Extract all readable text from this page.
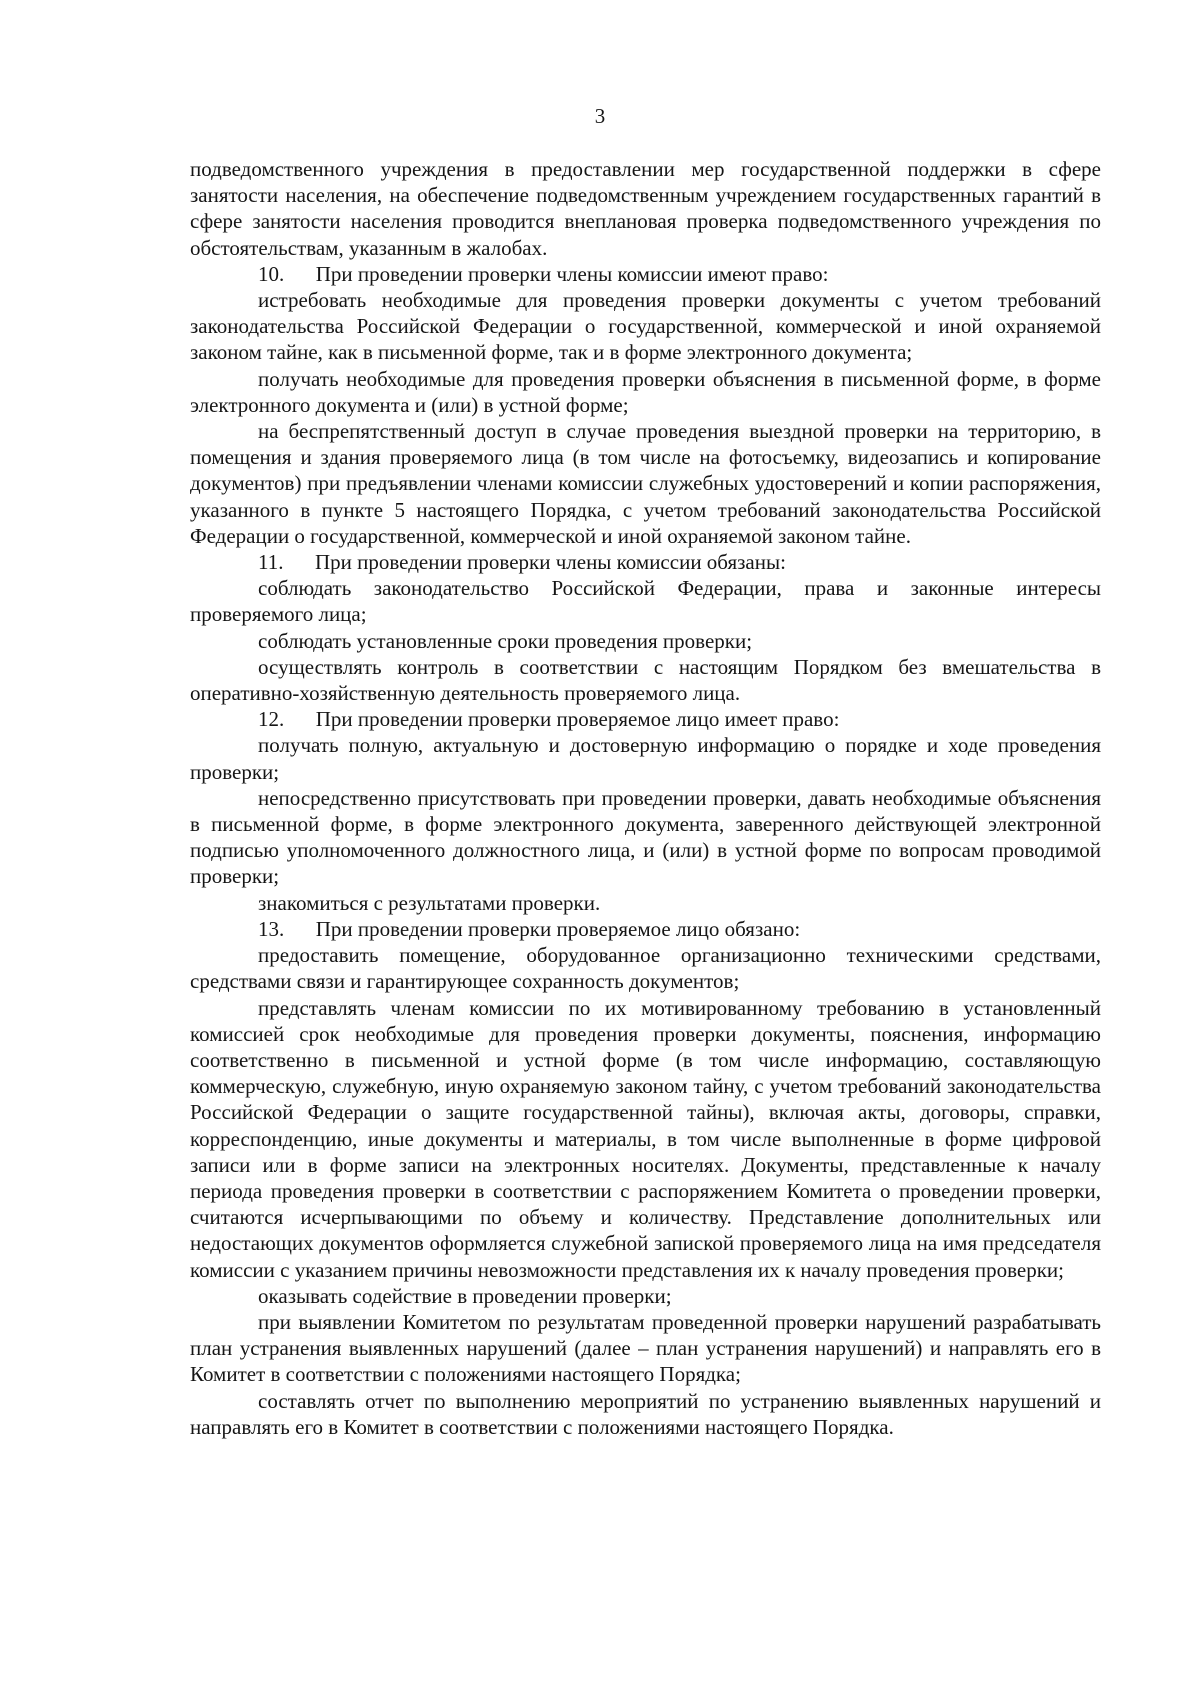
3

подведомственного учреждения в предоставлении мер государственной поддержки в сфере занятости населения, на обеспечение подведомственным учреждением государственных гарантий в сфере занятости населения проводится внеплановая проверка подведомственного учреждения по обстоятельствам, указанным в жалобах.

10.      При проведении проверки члены комиссии имеют право:

истребовать необходимые для проведения проверки документы с учетом требований законодательства Российской Федерации о государственной, коммерческой и иной охраняемой законом тайне, как в письменной форме, так и в форме электронного документа;

получать необходимые для проведения проверки объяснения в письменной форме, в форме электронного документа и (или) в устной форме;

на беспрепятственный доступ в случае проведения выездной проверки на территорию, в помещения и здания проверяемого лица (в том числе на фотосъемку, видеозапись и копирование документов) при предъявлении членами комиссии служебных удостоверений и копии распоряжения, указанного в пункте 5 настоящего Порядка, с учетом требований законодательства Российской Федерации о государственной, коммерческой и иной охраняемой законом тайне.

11.      При проведении проверки члены комиссии обязаны:

соблюдать законодательство Российской Федерации, права и законные интересы проверяемого лица;

соблюдать установленные сроки проведения проверки;

осуществлять контроль в соответствии с настоящим Порядком без вмешательства в оперативно-хозяйственную деятельность проверяемого лица.

12.      При проведении проверки проверяемое лицо имеет право:

получать полную, актуальную и достоверную информацию о порядке и ходе проведения проверки;

непосредственно присутствовать при проведении проверки, давать необходимые объяснения в письменной форме, в форме электронного документа, заверенного действующей электронной подписью уполномоченного должностного лица, и (или) в устной форме по вопросам проводимой проверки;

знакомиться с результатами проверки.

13.      При проведении проверки проверяемое лицо обязано:

предоставить помещение, оборудованное организационно техническими средствами, средствами связи и гарантирующее сохранность документов;

представлять членам комиссии по их мотивированному требованию в установленный комиссией срок необходимые для проведения проверки документы, пояснения, информацию соответственно в письменной и устной форме (в том числе информацию, составляющую коммерческую, служебную, иную охраняемую законом тайну, с учетом требований законодательства Российской Федерации о защите государственной тайны), включая акты, договоры, справки, корреспонденцию, иные документы и материалы, в том числе выполненные в форме цифровой записи или в форме записи на электронных носителях. Документы, представленные к началу периода проведения проверки в соответствии с распоряжением Комитета о проведении проверки, считаются исчерпывающими по объему и количеству. Представление дополнительных или недостающих документов оформляется служебной запиской проверяемого лица на имя председателя комиссии с указанием причины невозможности представления их к началу проведения проверки;

оказывать содействие в проведении проверки;

при выявлении Комитетом по результатам проведенной проверки нарушений разрабатывать план устранения выявленных нарушений (далее – план устранения нарушений) и направлять его в Комитет в соответствии с положениями настоящего Порядка;

составлять отчет по выполнению мероприятий по устранению выявленных нарушений и направлять его в Комитет в соответствии с положениями настоящего Порядка.
